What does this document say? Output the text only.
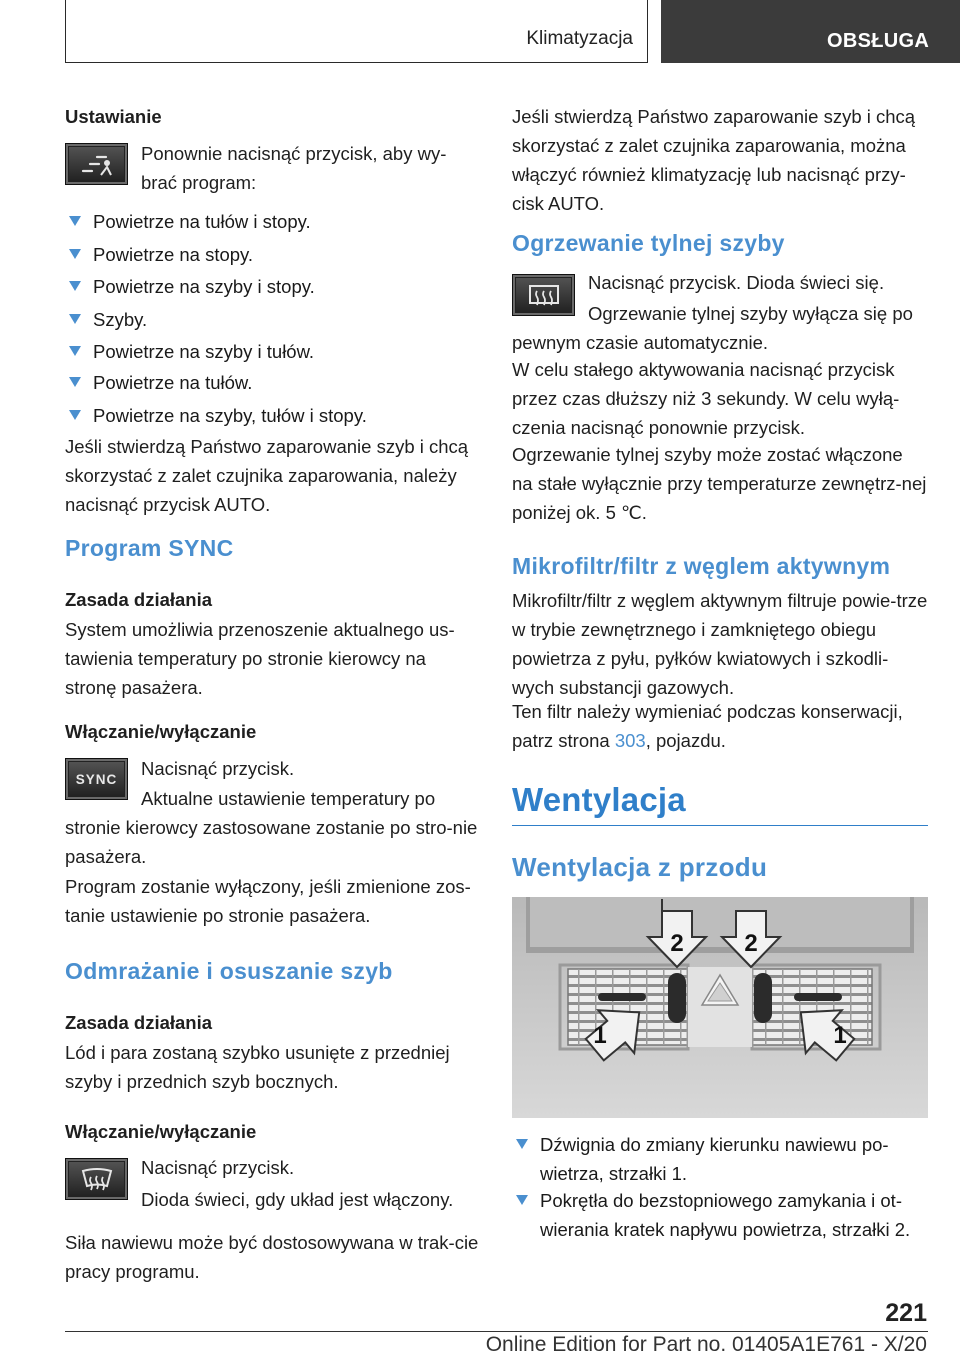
Klimatyzacja	OBSŁUGA
Ustawianie
Ponownie nacisnąć przycisk, aby wy-brać program:
Powietrze na tułów i stopy.
Powietrze na stopy.
Powietrze na szyby i stopy.
Szyby.
Powietrze na szyby i tułów.
Powietrze na tułów.
Powietrze na szyby, tułów i stopy.
Jeśli stwierdzą Państwo zaparowanie szyb i chcą skorzystać z zalet czujnika zaparowania, należy nacisnąć przycisk AUTO.
Program SYNC
Zasada działania
System umożliwia przenoszenie aktualnego us-tawienia temperatury po stronie kierowcy na stronę pasażera.
Włączanie/wyłączanie
SYNC Nacisnąć przycisk.
Aktualne ustawienie temperatury po stronie kierowcy zastosowane zostanie po stro-nie pasażera.
Program zostanie wyłączony, jeśli zmienione zos-tanie ustawienie po stronie pasażera.
Odmrażanie i osuszanie szyb
Zasada działania
Lód i para zostaną szybko usunięte z przedniej szyby i przednich szyb bocznych.
Włączanie/wyłączanie
Nacisnąć przycisk.
Dioda świeci, gdy układ jest włączony.
Siła nawiewu może być dostosowywana w trak-cie pracy programu.
Jeśli stwierdzą Państwo zaparowanie szyb i chcą skorzystać z zalet czujnika zaparowania, można włączyć również klimatyzację lub nacisnąć przy-cisk AUTO.
Ogrzewanie tylnej szyby
Nacisnąć przycisk. Dioda świeci się.
Ogrzewanie tylnej szyby wyłącza się po pewnym czasie automatycznie.
W celu stałego aktywowania nacisnąć przycisk przez czas dłuższy niż 3 sekundy. W celu wyłą-czenia nacisnąć ponownie przycisk.
Ogrzewanie tylnej szyby może zostać włączone na stałe wyłącznie przy temperaturze zewnętrz-nej poniżej ok. 5 ℃.
Mikrofiltr/filtr z węglem aktywnym
Mikrofiltr/filtr z węglem aktywnym filtruje powie-trze w trybie zewnętrznego i zamkniętego obiegu powietrza z pyłu, pyłków kwiatowych i szkodli-wych substancji gazowych.
Ten filtr należy wymieniać podczas konserwacji, patrz strona 303, pojazdu.
Wentylacja
Wentylacja z przodu
2	2
1	1
Dźwignia do zmiany kierunku nawiewu po-wietrza, strzałki 1.
Pokrętła do bezstopniowego zamykania i ot-wierania kratek napływu powietrza, strzałki 2.
221
Online Edition for Part no. 01405A1E761 - X/20
